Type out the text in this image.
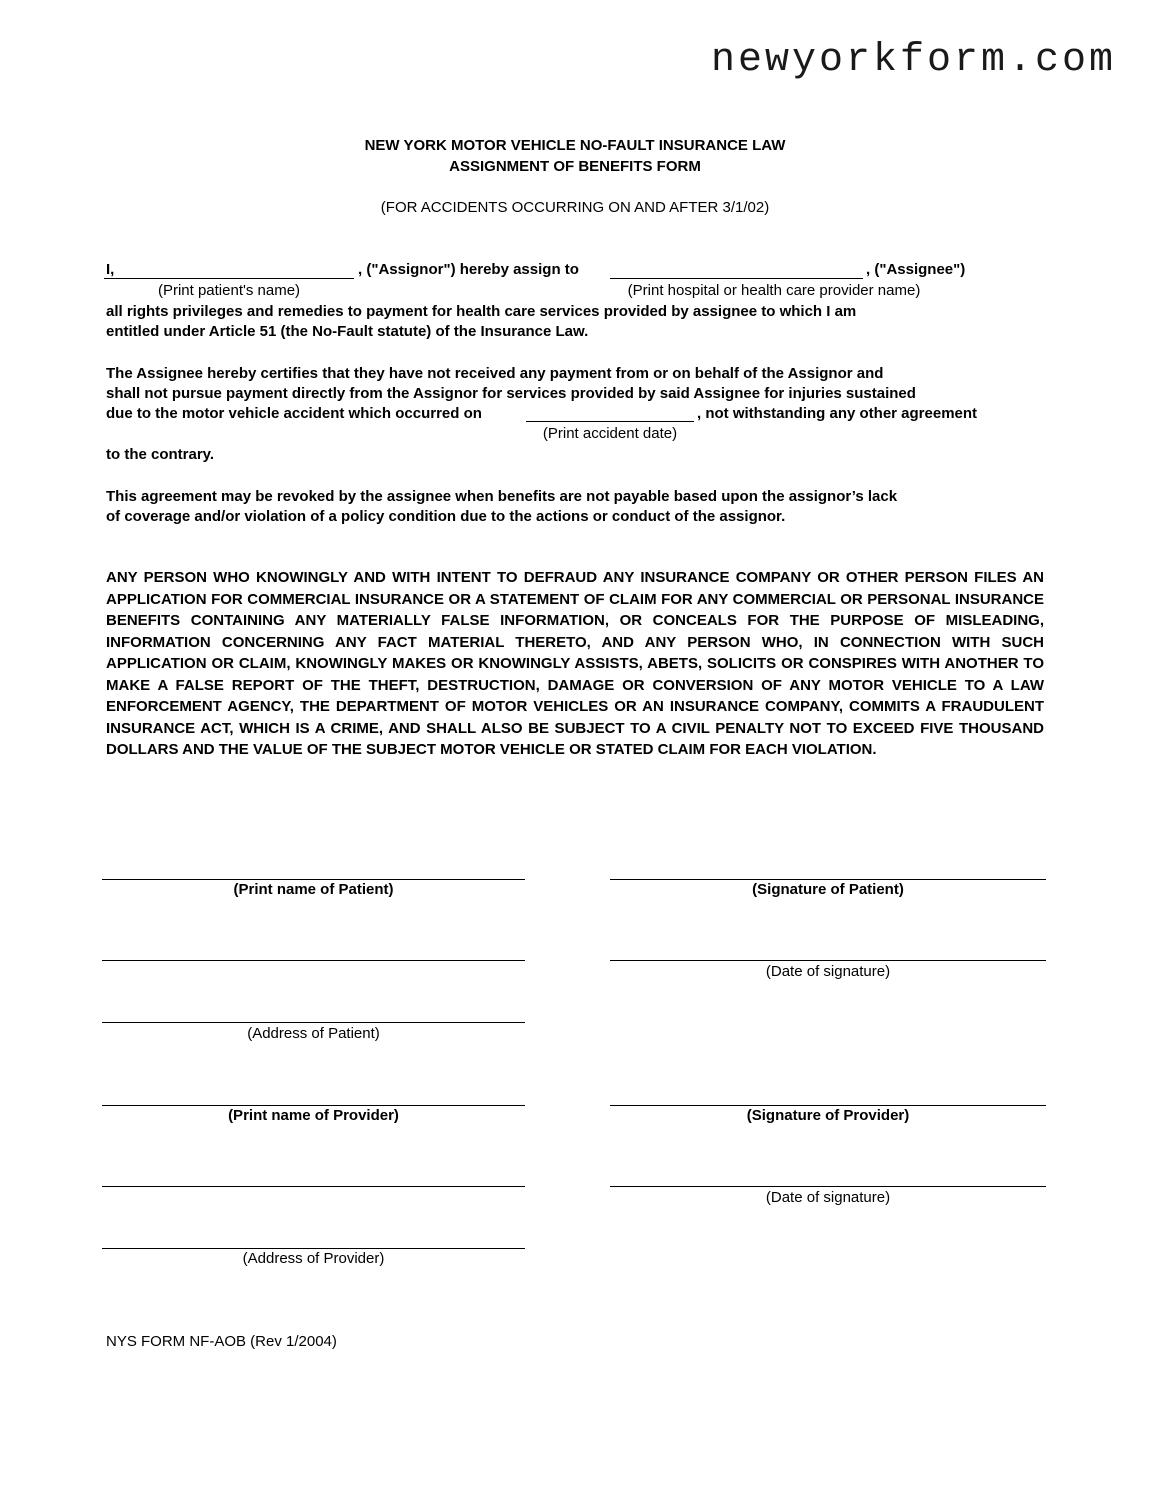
newyorkform.com
NEW YORK MOTOR VEHICLE NO-FAULT INSURANCE LAW
ASSIGNMENT OF BENEFITS FORM
(FOR ACCIDENTS OCCURRING ON AND AFTER 3/1/02)
I,	, ("Assignor") hereby assign to	, ("Assignee")
(Print patient's name)	(Print hospital or health care provider name)
all rights privileges and remedies to payment for health care services provided by assignee to which I am
entitled under Article 51 (the No-Fault statute) of the Insurance Law.
The Assignee hereby certifies that they have not received any payment from or on behalf of the Assignor and
shall not pursue payment directly from the Assignor for services provided by said Assignee for injuries sustained
due to the motor vehicle accident which occurred on	, not withstanding any other agreement
(Print accident date)
to the contrary.
This agreement may be revoked by the assignee when benefits are not payable based upon the assignor’s lack
of coverage and/or violation of a policy condition due to the actions or conduct of the assignor.
ANY PERSON WHO KNOWINGLY AND WITH INTENT TO DEFRAUD ANY INSURANCE COMPANY OR OTHER PERSON FILES AN APPLICATION FOR COMMERCIAL INSURANCE OR A STATEMENT OF CLAIM FOR ANY COMMERCIAL OR PERSONAL INSURANCE BENEFITS CONTAINING ANY MATERIALLY FALSE INFORMATION, OR CONCEALS FOR THE PURPOSE OF MISLEADING, INFORMATION CONCERNING ANY FACT MATERIAL THERETO, AND ANY PERSON WHO, IN CONNECTION WITH SUCH APPLICATION OR CLAIM, KNOWINGLY MAKES OR KNOWINGLY ASSISTS, ABETS, SOLICITS OR CONSPIRES WITH ANOTHER TO MAKE A FALSE REPORT OF THE THEFT, DESTRUCTION, DAMAGE OR CONVERSION OF ANY MOTOR VEHICLE TO A LAW ENFORCEMENT AGENCY, THE DEPARTMENT OF MOTOR VEHICLES OR AN INSURANCE COMPANY, COMMITS A FRAUDULENT INSURANCE ACT, WHICH IS A CRIME, AND SHALL ALSO BE SUBJECT TO A CIVIL PENALTY NOT TO EXCEED FIVE THOUSAND DOLLARS AND THE VALUE OF THE SUBJECT MOTOR VEHICLE OR STATED CLAIM FOR EACH VIOLATION.
(Print name of Patient)	(Signature of Patient)
(Date of signature)
(Address of Patient)
(Print name of Provider)	(Signature of Provider)
(Date of signature)
(Address of Provider)
NYS FORM NF-AOB (Rev 1/2004)
